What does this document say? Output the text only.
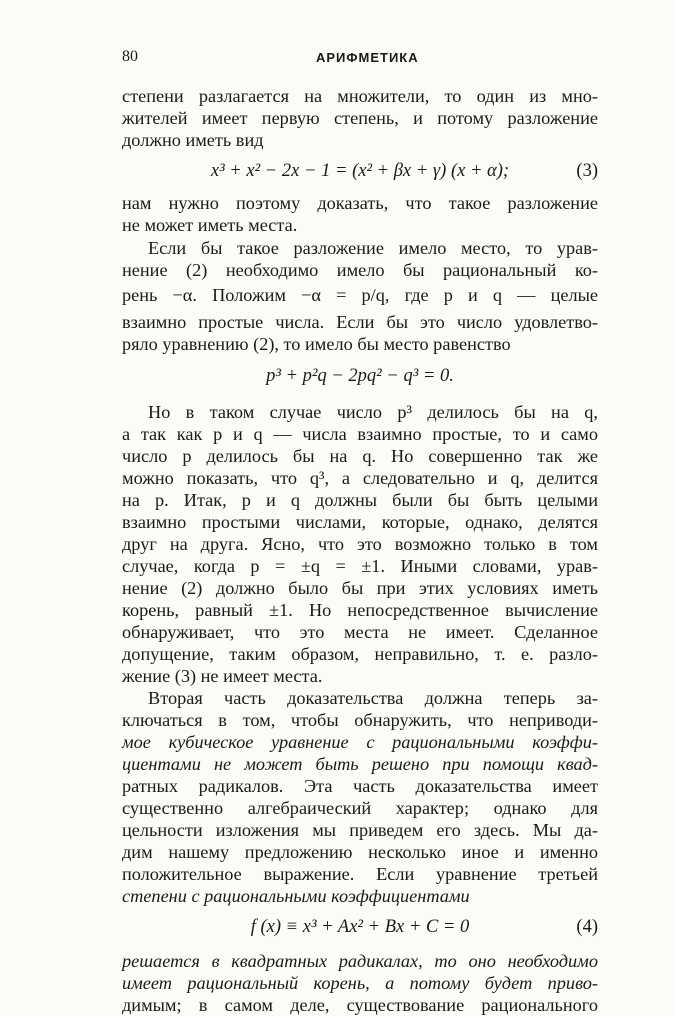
80	АРИФМЕТИКА
степени разлагается на множители, то один из мно-
жителей имеет первую степень, и потому разложение
должно иметь вид
x³ + x² − 2x − 1 = (x² + βx + γ) (x + α);	(3)
нам нужно поэтому доказать, что такое разложение
не может иметь места.
Если бы такое разложение имело место, то урав-
нение (2) необходимо имело бы рациональный ко-
рень −α. Положим −α = p/q, где p и q — целые
взаимно простые числа. Если бы это число удовлетво-
ряло уравнению (2), то имело бы место равенство
p³ + p²q − 2pq² − q³ = 0.
Но в таком случае число p³ делилось бы на q,
а так как p и q — числа взаимно простые, то и само
число p делилось бы на q. Но совершенно так же
можно показать, что q³, а следовательно и q, делится
на p. Итак, p и q должны были бы быть целыми
взаимно простыми числами, которые, однако, делятся
друг на друга. Ясно, что это возможно только в том
случае, когда p = ±q = ±1. Иными словами, урав-
нение (2) должно было бы при этих условиях иметь
корень, равный ±1. Но непосредственное вычисление
обнаруживает, что это места не имеет. Сделанное
допущение, таким образом, неправильно, т. е. разло-
жение (3) не имеет места.
Вторая часть доказательства должна теперь за-
ключаться в том, чтобы обнаружить, что неприводи-
мое кубическое уравнение с рациональными коэффи-
циентами не может быть решено при помощи квад-
ратных радикалов. Эта часть доказательства имеет
существенно алгебраический характер; однако для
цельности изложения мы приведем его здесь. Мы да-
дим нашему предложению несколько иное и именно
положительное выражение. Если уравнение третьей
степени с рациональными коэффициентами
f (x) ≡ x³ + Ax² + Bx + C = 0	(4)
решается в квадратных радикалах, то оно необходимо
имеет рациональный корень, а потому будет приво-
димым; в самом деле, существование рационального
